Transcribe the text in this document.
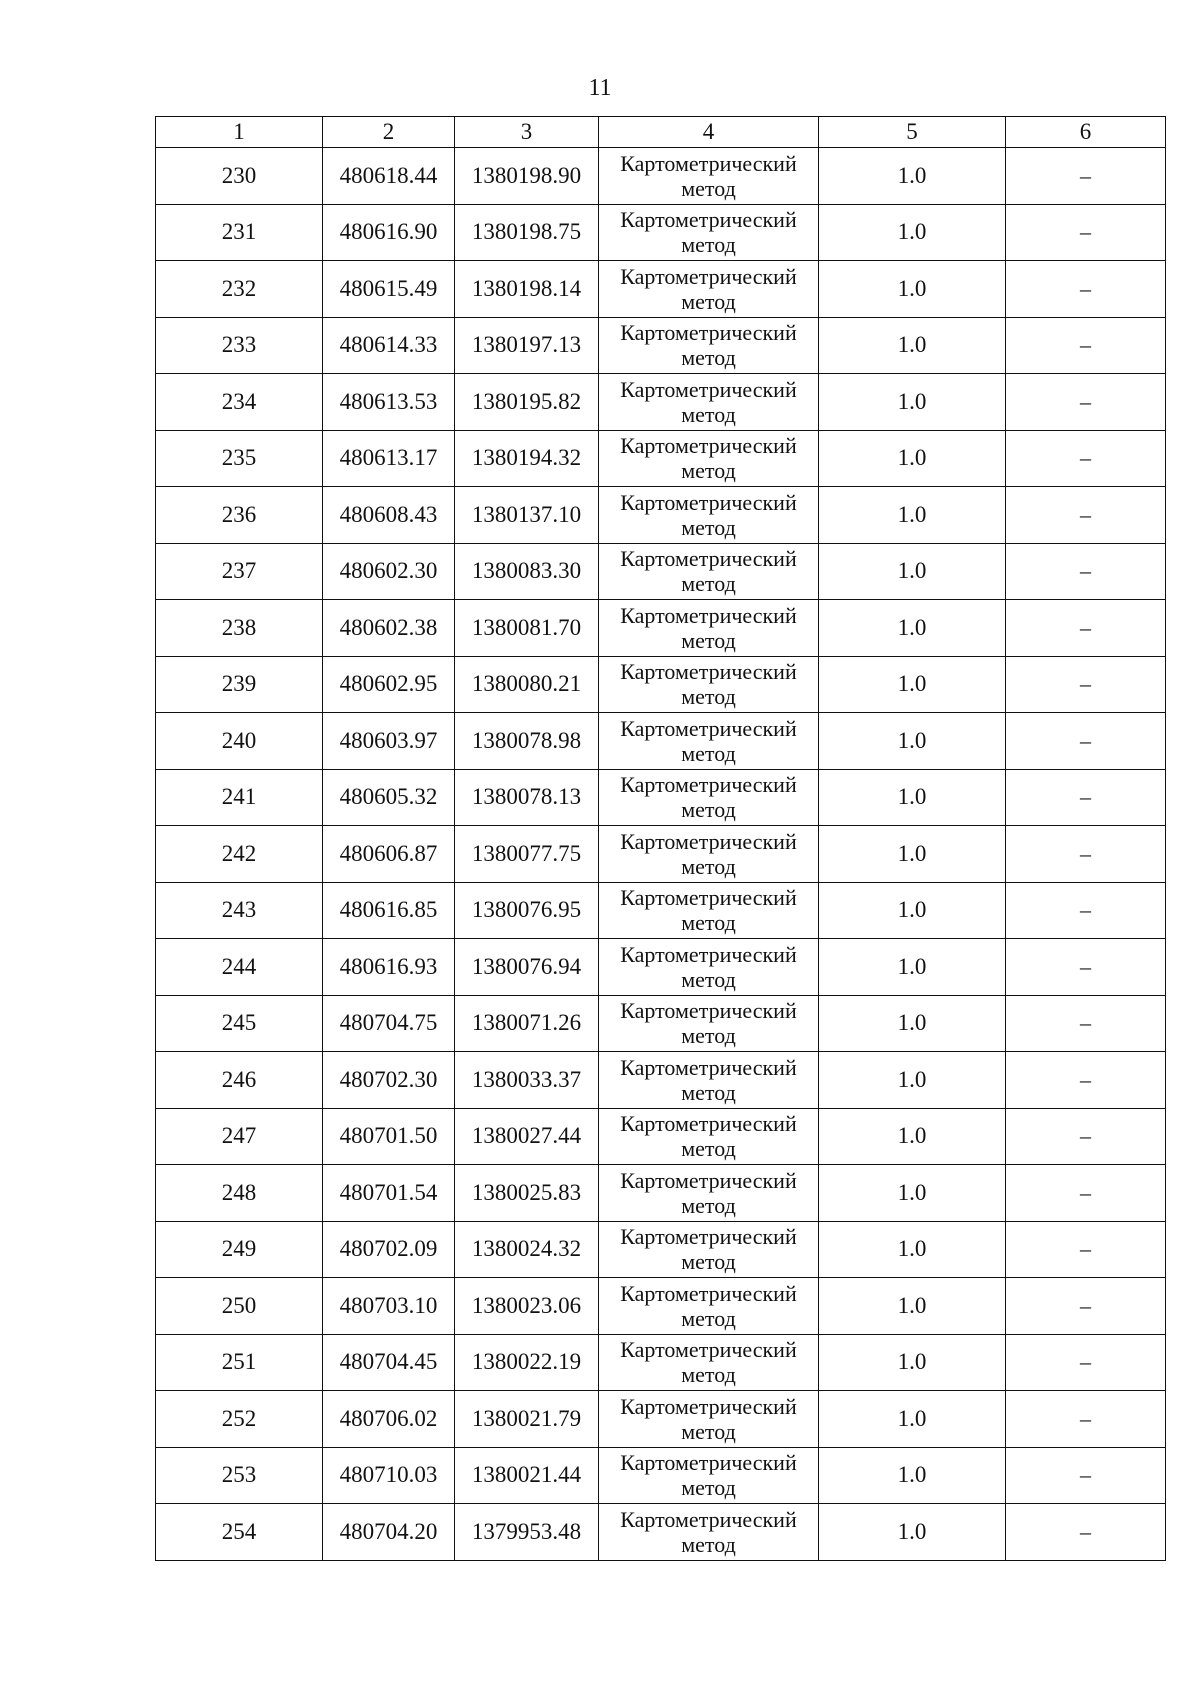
11
1	2	3	4	5	6
230	480618.44	1380198.90	Картометрический
метод	1.0	–
231	480616.90	1380198.75	Картометрический
метод	1.0	–
232	480615.49	1380198.14	Картометрический
метод	1.0	–
233	480614.33	1380197.13	Картометрический
метод	1.0	–
234	480613.53	1380195.82	Картометрический
метод	1.0	–
235	480613.17	1380194.32	Картометрический
метод	1.0	–
236	480608.43	1380137.10	Картометрический
метод	1.0	–
237	480602.30	1380083.30	Картометрический
метод	1.0	–
238	480602.38	1380081.70	Картометрический
метод	1.0	–
239	480602.95	1380080.21	Картометрический
метод	1.0	–
240	480603.97	1380078.98	Картометрический
метод	1.0	–
241	480605.32	1380078.13	Картометрический
метод	1.0	–
242	480606.87	1380077.75	Картометрический
метод	1.0	–
243	480616.85	1380076.95	Картометрический
метод	1.0	–
244	480616.93	1380076.94	Картометрический
метод	1.0	–
245	480704.75	1380071.26	Картометрический
метод	1.0	–
246	480702.30	1380033.37	Картометрический
метод	1.0	–
247	480701.50	1380027.44	Картометрический
метод	1.0	–
248	480701.54	1380025.83	Картометрический
метод	1.0	–
249	480702.09	1380024.32	Картометрический
метод	1.0	–
250	480703.10	1380023.06	Картометрический
метод	1.0	–
251	480704.45	1380022.19	Картометрический
метод	1.0	–
252	480706.02	1380021.79	Картометрический
метод	1.0	–
253	480710.03	1380021.44	Картометрический
метод	1.0	–
254	480704.20	1379953.48	Картометрический
метод	1.0	–
